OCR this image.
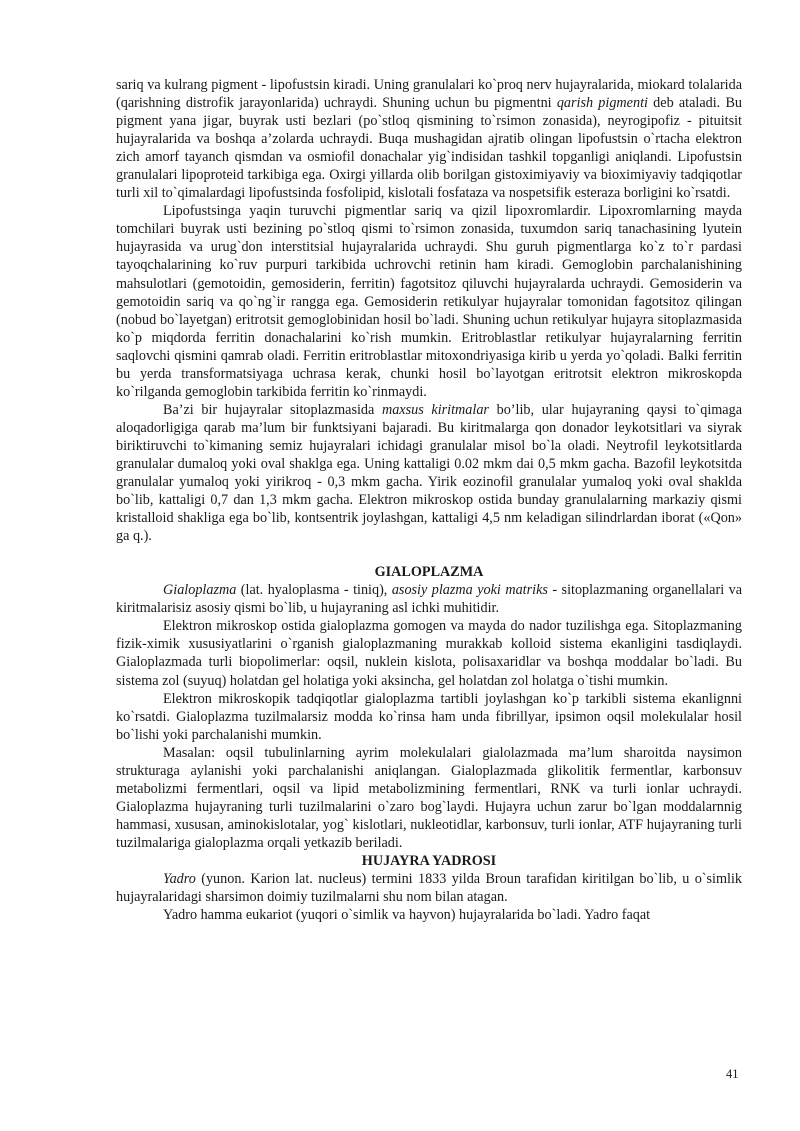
sariq va kulrang pigment - lipofustsin kiradi. Uning granulalari ko`proq nerv hujayralarida, miokard tolalarida (qarishning distrofik jarayonlarida) uchraydi. Shuning uchun bu pigmentni qarish pigmenti deb ataladi. Bu pigment yana jigar, buyrak usti bezlari (po`stloq qismining to`rsimon zonasida), neyrogipofiz - pituitsit hujayralarida va boshqa a’zolarda uchraydi. Buqa mushagidan ajratib olingan lipofustsin o`rtacha elektron zich amorf tayanch qismdan va osmiofil donachalar yig`indisidan tashkil topganligi aniqlandi. Lipofustsin granulalari lipoproteid tarkibiga ega. Oxirgi yillarda olib borilgan gistoximiyaviy va bioximiyaviy tadqiqotlar turli xil to`qimalardagi lipofustsinda fosfolipid, kislotali fosfataza va nospetsifik esteraza borligini ko`rsatdi.

Lipofustsinga yaqin turuvchi pigmentlar sariq va qizil lipoxromlardir. Lipoxromlarning mayda tomchilari buyrak usti bezining po`stloq qismi to`rsimon zonasida, tuxumdon sariq tanachasining lyutein hujayrasida va urug`don interstitsial hujayralarida uchraydi. Shu guruh pigmentlarga ko`z to`r pardasi tayoqchalarining ko`ruv purpuri tarkibida uchrovchi retinin ham kiradi. Gemoglobin parchalanishining mahsulotlari (gemotoidin, gemosiderin, ferritin) fagotsitoz qiluvchi hujayralarda uchraydi. Gemosiderin va gemotoidin sariq va qo`ng`ir rangga ega. Gemosiderin retikulyar hujayralar tomonidan fagotsitoz qilingan (nobud bo`layetgan) eritrotsit gemoglobinidan hosil bo`ladi. Shuning uchun retikulyar hujayra sitoplazmasida ko`p miqdorda ferritin donachalarini ko`rish mumkin. Eritroblastlar retikulyar hujayralarning ferritin saqlovchi qismini qamrab oladi. Ferritin eritroblastlar mitoxondriyasiga kirib u yerda yo`qoladi. Balki ferritin bu yerda transformatsiyaga uchrasa kerak, chunki hosil bo`layotgan eritrotsit elektron mikroskopda ko`rilganda gemoglobin tarkibida ferritin ko`rinmaydi.

Ba’zi bir hujayralar sitoplazmasida maxsus kiritmalar bo’lib, ular hujayraning qaysi to`qimaga aloqadorligiga qarab ma’lum bir funktsiyani bajaradi. Bu kiritmalarga qon donador leykotsitlari va siyrak biriktiruvchi to`kimaning semiz hujayralari ichidagi granulalar misol bo`la oladi. Neytrofil leykotsitlarda granulalar dumaloq yoki oval shaklga ega. Uning kattaligi 0.02 mkm dai 0,5 mkm gacha. Bazofil leykotsitda granulalar yumaloq yoki yirikroq - 0,3 mkm gacha. Yirik eozinofil granulalar yumaloq yoki oval shaklda bo`lib, kattaligi 0,7 dan 1,3 mkm gacha. Elektron mikroskop ostida bunday granulalarning markaziy qismi kristalloid shakliga ega bo`lib, kontsentrik joylashgan, kattaligi 4,5 nm keladigan silindrlardan iborat («Qon» ga q.).

GIALOPLAZMA

Gialoplazma (lat. hyaloplasma - tiniq), asosiy plazma yoki matriks - sitoplazmaning organellalari va kiritmalarisiz asosiy qismi bo`lib, u hujayraning asl ichki muhitidir.

Elektron mikroskop ostida gialoplazma gomogen va mayda do nador tuzilishga ega. Sitoplazmaning fizik-ximik xususiyatlarini o`rganish gialoplazmaning murakkab kolloid sistema ekanligini tasdiqlaydi. Gialoplazmada turli biopolimerlar: oqsil, nuklein kislota, polisaxaridlar va boshqa moddalar bo`ladi. Bu sistema zol (suyuq) holatdan gel holatiga yoki aksincha, gel holatdan zol holatga o`tishi mumkin.

Elektron mikroskopik tadqiqotlar gialoplazma tartibli joylashgan ko`p tarkibli sistema ekanlignni ko`rsatdi. Gialoplazma tuzilmalarsiz modda ko`rinsa ham unda fibrillyar, ipsimon oqsil molekulalar hosil bo`lishi yoki parchalanishi mumkin.

Masalan: oqsil tubulinlarning ayrim molekulalari gialolazmada ma’lum sharoitda naysimon strukturaga aylanishi yoki parchalanishi aniqlangan. Gialoplazmada glikolitik fermentlar, karbonsuv metabolizmi fermentlari, oqsil va lipid metabolizmining fermentlari, RNK va turli ionlar uchraydi. Gialoplazma hujayraning turli tuzilmalarini o`zaro bog`laydi. Hujayra uchun zarur bo`lgan moddalarnnig hammasi, xususan, aminokislotalar, yog` kislotlari, nukleotidlar, karbonsuv, turli ionlar, ATF hujayraning turli tuzilmalariga gialoplazma orqali yetkazib beriladi.

HUJAYRA YADROSI

Yadro (yunon. Karion lat. nucleus) termini 1833 yilda Broun tarafidan kiritilgan bo`lib, u o`simlik hujayralaridagi sharsimon doimiy tuzilmalarni shu nom bilan atagan.

Yadro hamma eukariot (yuqori o`simlik va hayvon) hujayralarida bo`ladi. Yadro faqat

41
